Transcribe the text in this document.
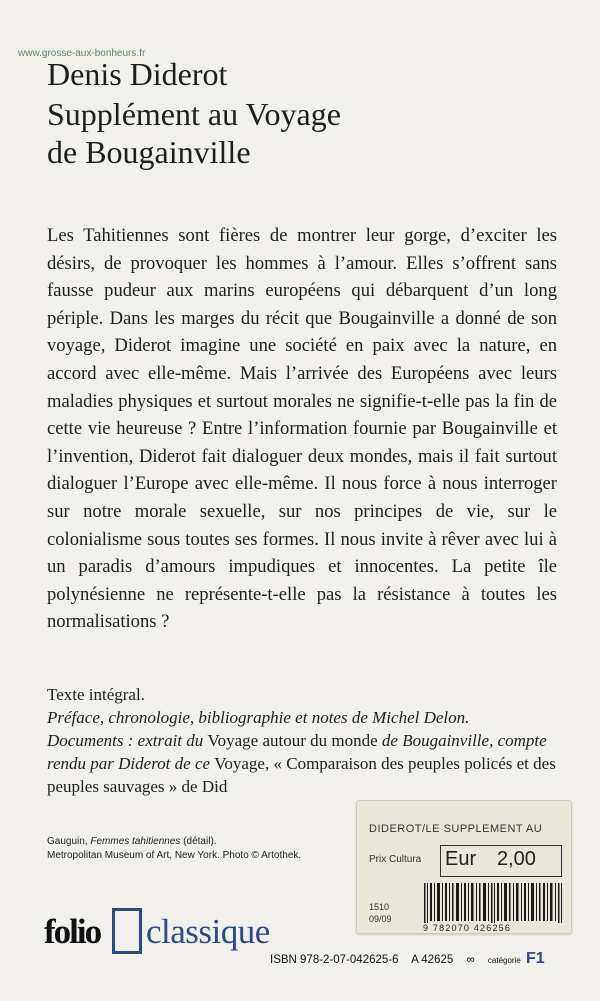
www.grosse-aux-bonheurs.fr
Denis Diderot
Supplément au Voyage
de Bougainville

Les Tahitiennes sont fières de montrer leur gorge, d’exciter les désirs, de provoquer les hommes à l’amour. Elles s’offrent sans fausse pudeur aux marins européens qui débarquent d’un long périple. Dans les marges du récit que Bougainville a donné de son voyage, Diderot imagine une société en paix avec la nature, en accord avec elle-même. Mais l’arrivée des Européens avec leurs maladies physiques et surtout morales ne signifie-t-elle pas la fin de cette vie heureuse ? Entre l’information fournie par Bougainville et l’invention, Diderot fait dialoguer deux mondes, mais il fait surtout dialoguer l’Europe avec elle-même. Il nous force à nous interroger sur notre morale sexuelle, sur nos principes de vie, sur le colonialisme sous toutes ses formes. Il nous invite à rêver avec lui à un paradis d’amours impudiques et innocentes. La petite île polynésienne ne représente-t-elle pas la résistance à toutes les normalisations ?

Texte intégral.

Préface, chronologie, bibliographie et notes de Michel Delon.

Documents : extrait du Voyage autour du monde de Bougainville, compte rendu par Diderot de ce Voyage, « Comparaison des peuples policés et des peuples sauvages » de Did

Gauguin, Femmes tahitiennes (détail).
Metropolitan Museum of Art, New York. Photo © Artothek.
DIDEROT/LE SUPPLEMENT AU
Prix Cultura Eur 2,00
1510
09/09
9 782070 426256
folio classique
ISBN 978-2-07-042625-6 A 42625 ∞ catégorie F1
